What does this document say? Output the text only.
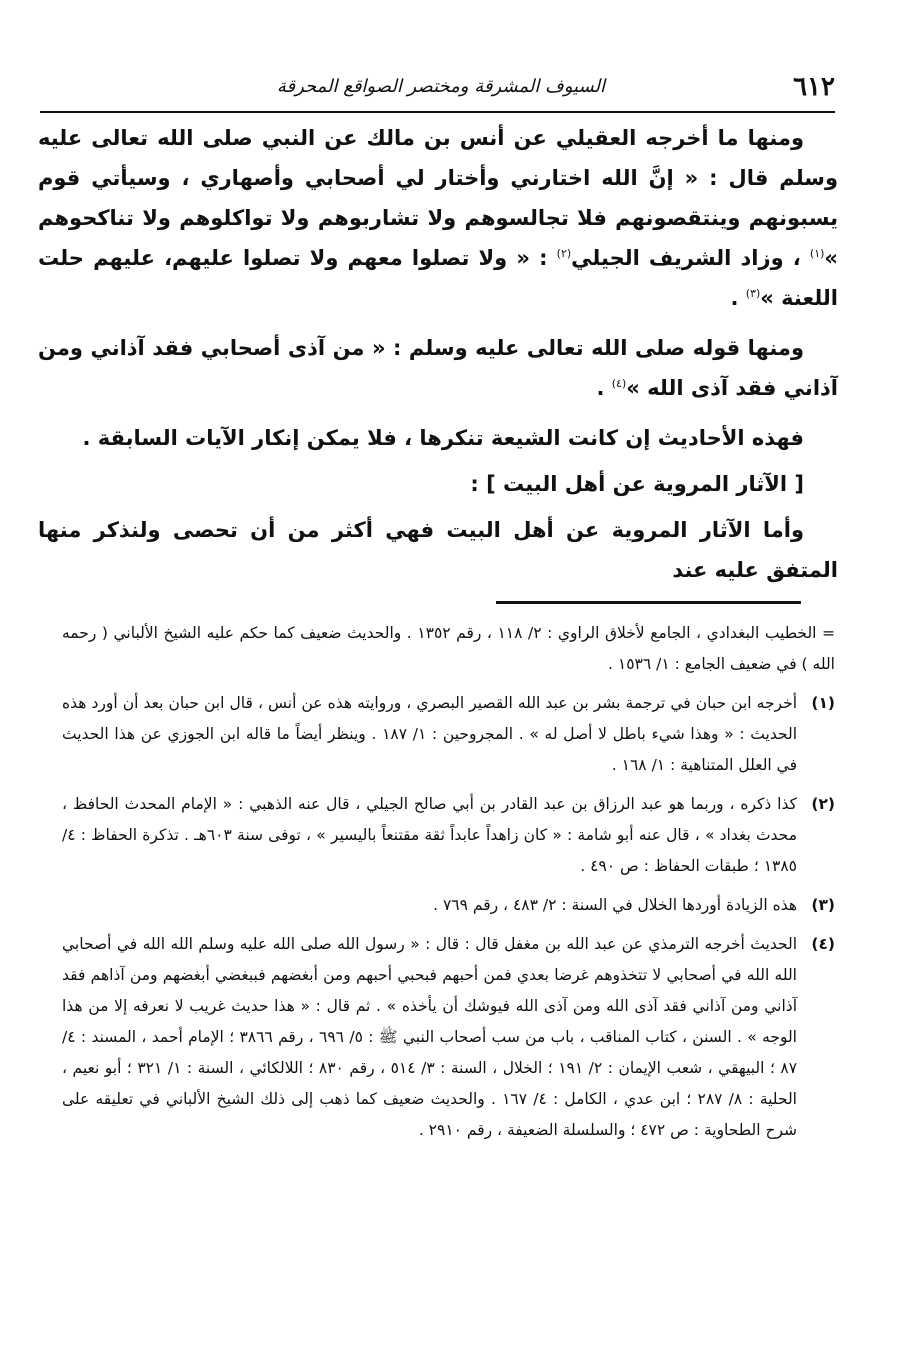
٦١٢
السيوف المشرقة ومختصر الصواقع المحرقة

ومنها ما أخرجه العقيلي عن أنس بن مالك عن النبي صلى الله تعالى عليه وسلم قال : « إنَّ الله اختارني وأختار لي أصحابي وأصهاري ، وسيأتي قوم يسبونهم وينتقصونهم فلا تجالسوهم ولا تشاربوهم ولا تواكلوهم ولا تناكحوهم »$^{(١)}$ ، وزاد الشريف الجيلي$^{(٢)}$ : « ولا تصلوا معهم ولا تصلوا عليهم، عليهم حلت اللعنة »$^{(٣)}$ .

ومنها قوله صلى الله تعالى عليه وسلم : « من آذى أصحابي فقد آذاني ومن آذاني فقد آذى الله »$^{(٤)}$ .

فهذه الأحاديث إن كانت الشيعة تنكرها ، فلا يمكن إنكار الآيات السابقة .

[ الآثار المروية عن أهل البيت ] :

وأما الآثار المروية عن أهل البيت فهي أكثر من أن تحصى ولنذكر منها المتفق عليه عند

= الخطيب البغدادي ، الجامع لأخلاق الراوي : ٢/ ١١٨ ، رقم ١٣٥٢ . والحديث ضعيف كما حكم عليه الشيخ الألباني ( رحمه الله ) في ضعيف الجامع : ١/ ١٥٣٦ .

(١)
أخرجه ابن حبان في ترجمة بشر بن عبد الله القصير البصري ، وروايته هذه عن أنس ، قال ابن حبان بعد أن أورد هذه الحديث : « وهذا شيء باطل لا أصل له » . المجروحين : ١/ ١٨٧ . وينظر أيضاً ما قاله ابن الجوزي عن هذا الحديث في العلل المتناهية : ١/ ١٦٨ .
(٢)
كذا ذكره ، وربما هو عبد الرزاق بن عبد القادر بن أبي صالح الجيلي ، قال عنه الذهبي : « الإمام المحدث الحافظ ، محدث بغداد » ، قال عنه أبو شامة : « كان زاهداً عابداً ثقة مقتنعاً باليسير » ، توفى سنة ٦٠٣هـ . تذكرة الحفاظ : ٤/ ١٣٨٥ ؛ طبقات الحفاظ : ص ٤٩٠ .
(٣)
هذه الزيادة أوردها الخلال في السنة : ٢/ ٤٨٣ ، رقم ٧٦٩ .
(٤)
الحديث أخرجه الترمذي عن عبد الله بن مغفل قال : قال : « رسول الله صلى الله عليه وسلم الله الله في أصحابي الله الله في أصحابي لا تتخذوهم غرضا بعدي فمن أحبهم فبحبي أحبهم ومن أبغضهم فببغضي أبغضهم ومن آذاهم فقد آذاني ومن آذاني فقد آذى الله ومن آذى الله فيوشك أن يأخذه » . ثم قال : « هذا حديث غريب لا نعرفه إلا من هذا الوجه » . السنن ، كتاب المناقب ، باب من سب أصحاب النبي ﷺ : ٥/ ٦٩٦ ، رقم ٣٨٦٦ ؛ الإمام أحمد ، المسند : ٤/ ٨٧ ؛ البيهقي ، شعب الإيمان : ٢/ ١٩١ ؛ الخلال ، السنة : ٣/ ٥١٤ ، رقم ٨٣٠ ؛ اللالكائي ، السنة : ١/ ٣٢١ ؛ أبو نعيم ، الحلية : ٨/ ٢٨٧ ؛ ابن عدي ، الكامل : ٤/ ١٦٧ . والحديث ضعيف كما ذهب إلى ذلك الشيخ الألباني في تعليقه على شرح الطحاوية : ص ٤٧٢ ؛ والسلسلة الضعيفة ، رقم ٢٩١٠ .
